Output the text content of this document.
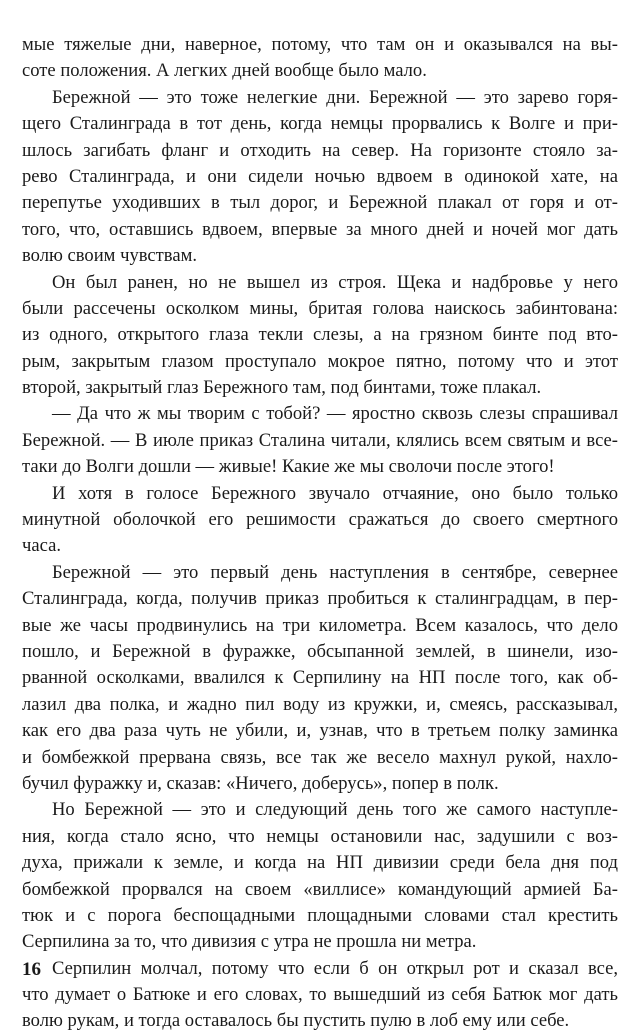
мые тяжелые дни, наверное, потому, что там он и оказывался на вы-
соте положения. А легких дней вообще было мало.
Бережной — это тоже нелегкие дни. Бережной — это зарево горя-
щего Сталинграда в тот день, когда немцы прорвались к Волге и при-
шлось загибать фланг и отходить на север. На горизонте стояло за-
рево Сталинграда, и они сидели ночью вдвоем в одинокой хате, на
перепутье уходивших в тыл дорог, и Бережной плакал от горя и от-
того, что, оставшись вдвоем, впервые за много дней и ночей мог дать
волю своим чувствам.
Он был ранен, но не вышел из строя. Щека и надбровье у него
были рассечены осколком мины, бритая голова наискось забинтована:
из одного, открытого глаза текли слезы, а на грязном бинте под вто-
рым, закрытым глазом проступало мокрое пятно, потому что и этот
второй, закрытый глаз Бережного там, под бинтами, тоже плакал.
— Да что ж мы творим с тобой? — яростно сквозь слезы спрашивал
Бережной. — В июле приказ Сталина читали, клялись всем святым и все-
таки до Волги дошли — живые! Какие же мы сволочи после этого!
И хотя в голосе Бережного звучало отчаяние, оно было только
минутной оболочкой его решимости сражаться до своего смертного
часа.
Бережной — это первый день наступления в сентябре, севернее
Сталинграда, когда, получив приказ пробиться к сталинградцам, в пер-
вые же часы продвинулись на три километра. Всем казалось, что дело
пошло, и Бережной в фуражке, обсыпанной землей, в шинели, изо-
рванной осколками, ввалился к Серпилину на НП после того, как об-
лазил два полка, и жадно пил воду из кружки, и, смеясь, рассказывал,
как его два раза чуть не убили, и, узнав, что в третьем полку заминка
и бомбежкой прервана связь, все так же весело махнул рукой, нахло-
бучил фуражку и, сказав: «Ничего, доберусь», попер в полк.
Но Бережной — это и следующий день того же самого наступле-
ния, когда стало ясно, что немцы остановили нас, задушили с воз-
духа, прижали к земле, и когда на НП дивизии среди бела дня под
бомбежкой прорвался на своем «виллисе» командующий армией Ба-
тюк и с порога беспощадными площадными словами стал крестить
Серпилина за то, что дивизия с утра не прошла ни метра.
Серпилин молчал, потому что если б он открыл рот и сказал все,
что думает о Батюке и его словах, то вышедший из себя Батюк мог дать
волю рукам, и тогда оставалось бы пустить пулю в лоб ему или себе.
16
